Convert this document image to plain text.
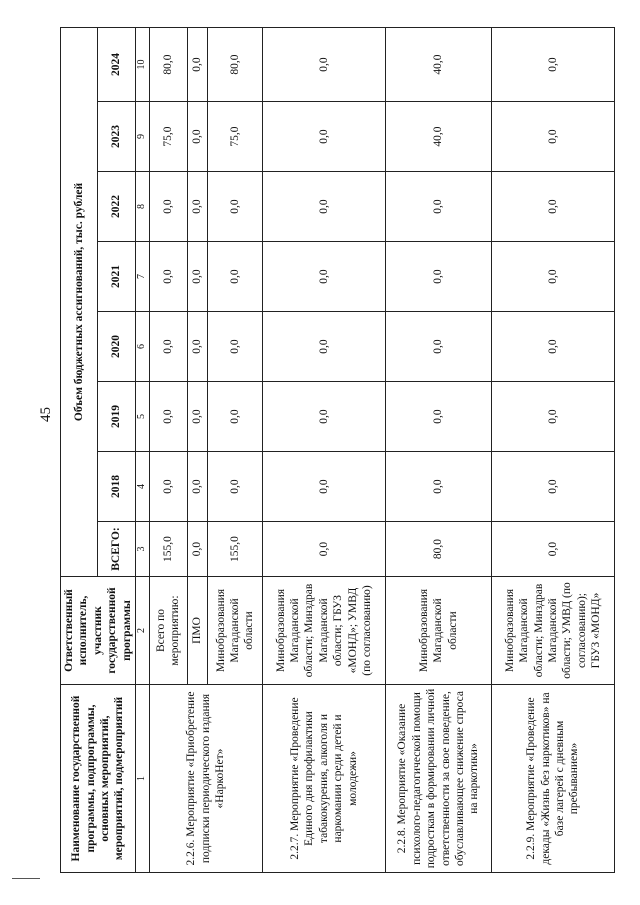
45
Наименование государственной программы, подпрограммы, основных мероприятий, мероприятий, подмероприятий	Ответственный исполнитель, участник государственной программы	Объем бюджетных ассигнований, тыс. рублей							
		ВСЕГО:	2018	2019	2020	2021	2022	2023	2024
1	2	3	4	5	6	7	8	9	10
2.2.6. Мероприятие «Приобретение подписки периодического издания «НаркоНет»	Всего по мероприятию:	155,0	0,0	0,0	0,0	0,0	0,0	75,0	80,0
	ПМО	0,0	0,0	0,0	0,0	0,0	0,0	0,0	0,0
	Минобразования Магаданской области	155,0	0,0	0,0	0,0	0,0	0,0	75,0	80,0
2.2.7. Мероприятие «Проведение Единого дня профилактики табакокурения, алкоголя и наркомании среди детей и молодежи»	Минобразования Магаданской области; Минздрав Магаданской области; ГБУЗ «МОНД»; УМВД (по согласованию)	0,0	0,0	0,0	0,0	0,0	0,0	0,0	0,0
2.2.8. Мероприятие «Оказание психолого-педагогической помощи подросткам в формировании личной ответственности за свое поведение, обуславливающее снижение спроса на наркотики»	Минобразования Магаданской области	80,0	0,0	0,0	0,0	0,0	0,0	40,0	40,0
2.2.9. Мероприятие «Проведение декады «Жизнь без наркотиков» на базе лагерей с дневным пребыванием»	Минобразования Магаданской области; Минздрав Магаданской области; УМВД (по согласованию); ГБУЗ «МОНД»	0,0	0,0	0,0	0,0	0,0	0,0	0,0	0,0
